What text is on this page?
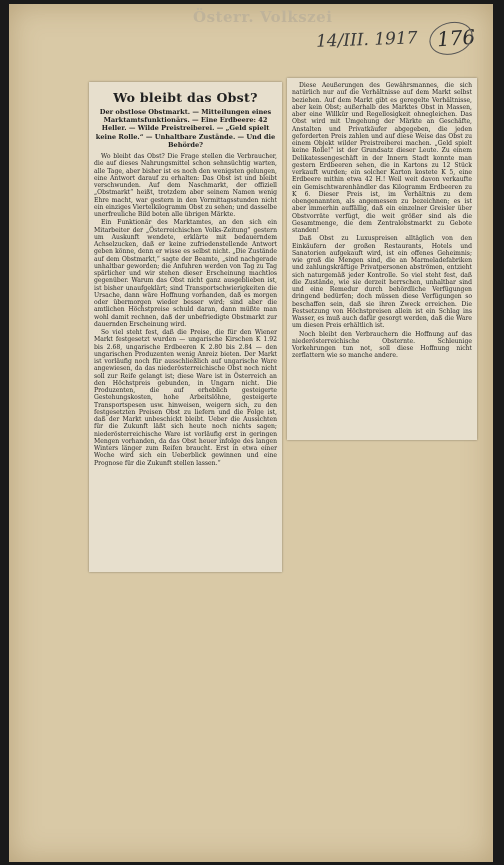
Österr. Volkszei
14/III. 1917 176
Wo bleibt das Obst?
Der obstlose Obstmarkt. — Mitteilungen eines Marktamtsfunktionärs. — Eine Erdbeere: 42 Heller. — Wilde Preistreiberei. — „Geld spielt keine Rolle.“ — Unhaltbare Zustände. — Und die Behörde?

Wo bleibt das Obst? Die Frage stellen die Verbraucher, die auf dieses Nahrungsmittel schon sehnsüchtig warten, alle Tage, aber bisher ist es noch den wenigsten gelungen, eine Antwort darauf zu erhalten: Das Obst ist und bleibt verschwunden. Auf dem Naschmarkt, der offiziell „Obstmarkt“ heißt, trotzdem aber seinem Namen wenig Ehre macht, war gestern in den Vormittagsstunden nicht ein einziges Viertelkilogramm Obst zu sehen; und dasselbe unerfreuliche Bild boten alle übrigen Märkte.

Ein Funktionär des Marktamtes, an den sich ein Mitarbeiter der „Österreichischen Volks-Zeitung“ gestern um Auskunft wendete, erklärte mit bedauerndem Achselzucken, daß er keine zufriedenstellende Antwort geben könne, denn er wisse es selbst nicht. „Die Zustände auf dem Obstmarkt,“ sagte der Beamte, „sind nachgerade unhaltbar geworden; die Anfuhren werden von Tag zu Tag spärlicher und wir stehen dieser Erscheinung machtlos gegenüber. Warum das Obst nicht ganz ausgeblieben ist, ist bisher unaufgeklärt; sind Transportschwierigkeiten die Ursache, dann wäre Hoffnung vorhanden, daß es morgen oder übermorgen wieder besser wird; sind aber die amtlichen Höchstpreise schuld daran, dann müßte man wohl damit rechnen, daß der unbefriedigte Obstmarkt zur dauernden Erscheinung wird.

So viel steht fest, daß die Preise, die für den Wiener Markt festgesetzt wurden — ungarische Kirschen K 1.92 bis 2.68, ungarische Erdbeeren K 2.80 bis 2.84 — den ungarischen Produzenten wenig Anreiz bieten. Der Markt ist vorläufig noch für ausschließlich auf ungarische Ware angewiesen, da das niederösterreichische Obst noch nicht soll zur Reife gelangt ist; diese Ware ist in Österreich an den Höchstpreis gebunden, in Ungarn nicht. Die Produzenten, die auf erheblich gesteigerte Gestehungskosten, hohe Arbeitslöhne, gesteigerte Transportspesen usw. hinweisen, weigern sich, zu den festgesetzten Preisen Obst zu liefern und die Folge ist, daß der Markt unbeschickt bleibt. Ueber die Aussichten für die Zukunft läßt sich heute noch nichts sagen; niederösterreichische Ware ist vorläufig erst in geringen Mengen vorhanden, da das Obst heuer infolge des langen Winters länger zum Reifen braucht. Erst in etwa einer Woche wird sich ein Ueberblick gewinnen und eine Prognose für die Zukunft stellen lassen.“

Diese Aeußerungen des Gewährsmannes, die sich natürlich nur auf die Verhältnisse auf dem Markt selbst beziehen. Auf dem Markt gibt es geregelte Verhältnisse, aber kein Obst; außerhalb des Marktes Obst in Massen, aber eine Willkür und Regellosigkeit ohnegleichen. Das Obst wird mit Umgehung der Märkte an Geschäfte, Anstalten und Privatkäufer abgegeben, die jeden geforderten Preis zahlen und auf diese Weise das Obst zu einem Objekt wilder Preistreiberei machen. „Geld spielt keine Rolle!“ ist der Grundsatz dieser Leute. Zu einem Delikatessengeschäft in der Innern Stadt konnte man gestern Erdbeeren sehen, die in Kartons zu 12 Stück verkauft wurden; ein solcher Karton kostete K 5, eine Erdbeere mithin etwa 42 H.! Weil weit davon verkaufte ein Gemischtwarenhändler das Kilogramm Erdbeeren zu K 6. Dieser Preis ist, im Verhältnis zu dem obengenannten, als angemessen zu bezeichnen; es ist aber immerhin auffällig, daß ein einzelner Greisler über Obstvorräte verfügt, die weit größer sind als die Gesamtmenge, die dem Zentralobstmarkt zu Gebote standen!

Daß Obst zu Luxuspreisen alltäglich von den Einkäufern der großen Restaurants, Hotels und Sanatorien aufgekauft wird, ist ein offenes Geheimnis; wie groß die Mengen sind, die an Marmeladefabriken und zahlungskräftige Privatpersonen abströmen, entzieht sich naturgemäß jeder Kontrolle. So viel steht fest, daß die Zustände, wie sie derzeit herrschen, unhaltbar sind und eine Remedur durch behördliche Verfügungen dringend bedürfen; doch müssen diese Verfügungen so beschaffen sein, daß sie ihren Zweck erreichen. Die Festsetzung von Höchstpreisen allein ist ein Schlag ins Wasser, es muß auch dafür gesorgt werden, daß die Ware um diesen Preis erhältlich ist.

Noch bleibt den Verbrauchern die Hoffnung auf das niederösterreichische Obsternte. Schleunige Vorkehrungen tun not, soll diese Hoffnung nicht zerflattern wie so manche andere.
